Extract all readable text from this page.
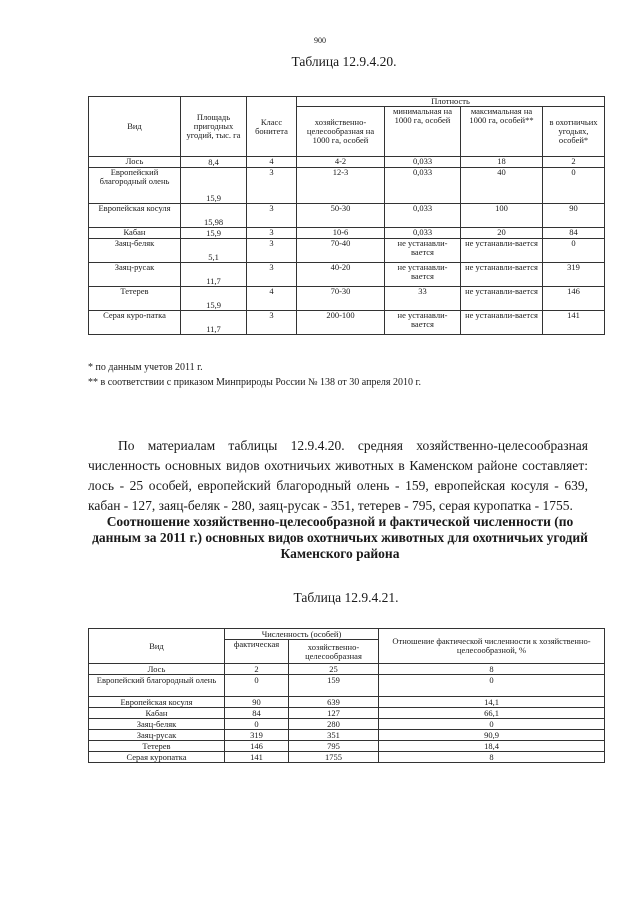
900
Таблица 12.9.4.20.
Вид	Площадь пригодных угодий, тыс. га	Класс бонитета	Плотность			
			хозяйственно-целесообразная на 1000 га, особей	минимальная на 1000 га, особей	максимальная на 1000 га, особей**	в охотничьих угодьях, особей*
Лось	8,4	4	4-2	0,033	18	2
Европейский благородный олень	15,9	3	12-3	0,033	40	0
Европейская косуля	15,98	3	50-30	0,033	100	90
Кабан	15,9	3	10-6	0,033	20	84
Заяц-беляк	5,1	3	70-40	не устанавли-вается	не устанавли-вается	0
Заяц-русак	11,7	3	40-20	не устанавли-вается	не устанавли-вается	319
Тетерев	15,9	4	70-30	33	не устанавли-вается	146
Серая куро-патка	11,7	3	200-100	не устанавли-вается	не устанавли-вается	141
* по данным учетов 2011 г.
** в соответствии с приказом Минприроды России № 138 от 30 апреля 2010 г.
По материалам таблицы 12.9.4.20. средняя хозяйственно-целесообразная численность основных видов охотничьих животных в Каменском районе составляет: лось - 25 особей, европейский благородный олень - 159, европейская косуля - 639, кабан - 127, заяц-беляк - 280, заяц-русак - 351, тетерев - 795, серая куропатка - 1755.
Соотношение хозяйственно-целесообразной и фактической численности (по данным за 2011 г.) основных видов охотничьих животных для охотничьих угодий Каменского района
Таблица 12.9.4.21.
Вид	Численность (особей)		Отношение фактической численности к хозяйственно-целесообразной, %
	фактическая	хозяйственно-целесообразная	
Лось	2	25	8
Европейский благородный олень	0	159	0
Европейская косуля	90	639	14,1
Кабан	84	127	66,1
Заяц-беляк	0	280	0
Заяц-русак	319	351	90,9
Тетерев	146	795	18,4
Серая куропатка	141	1755	8
